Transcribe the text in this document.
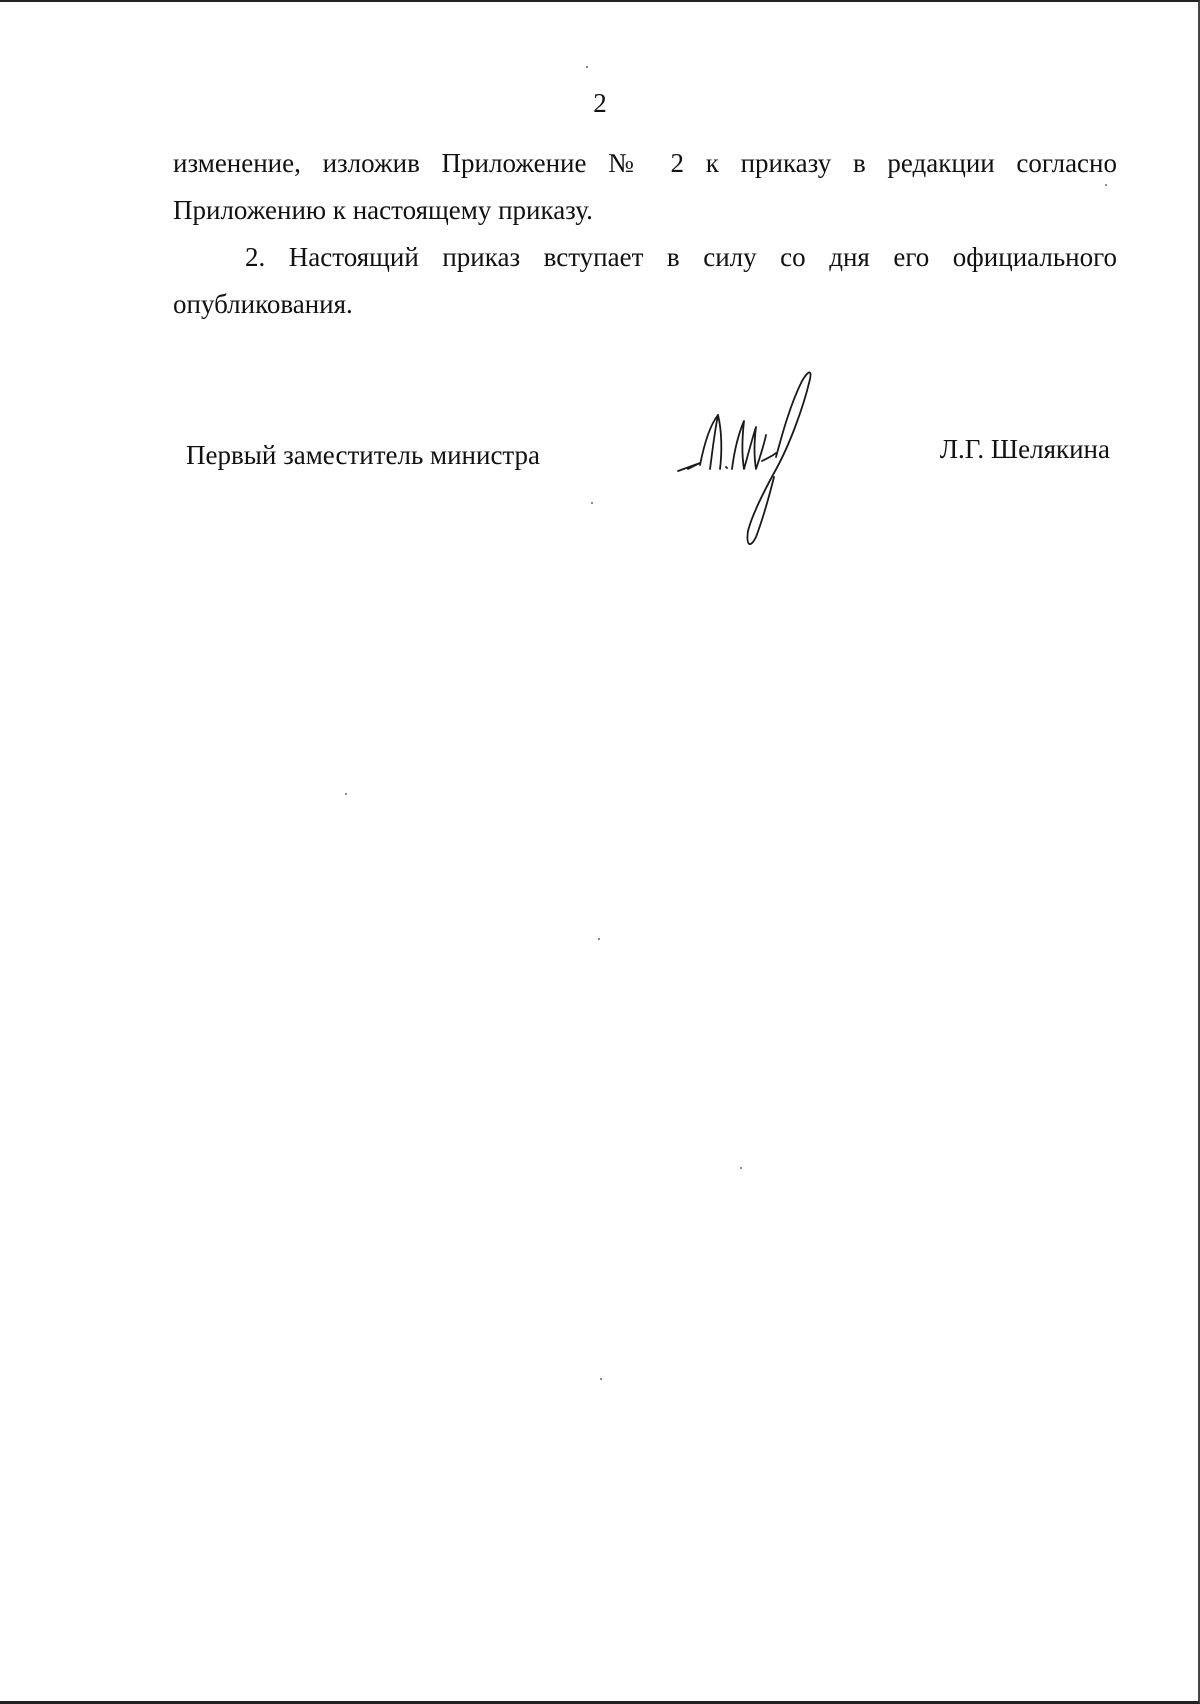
2

изменение, изложив Приложение № 2 к приказу в редакции согласно Приложению к настоящему приказу.

2. Настоящий приказ вступает в силу со дня его официального опубликования.

Первый заместитель министра	Л.Г. Шелякина
